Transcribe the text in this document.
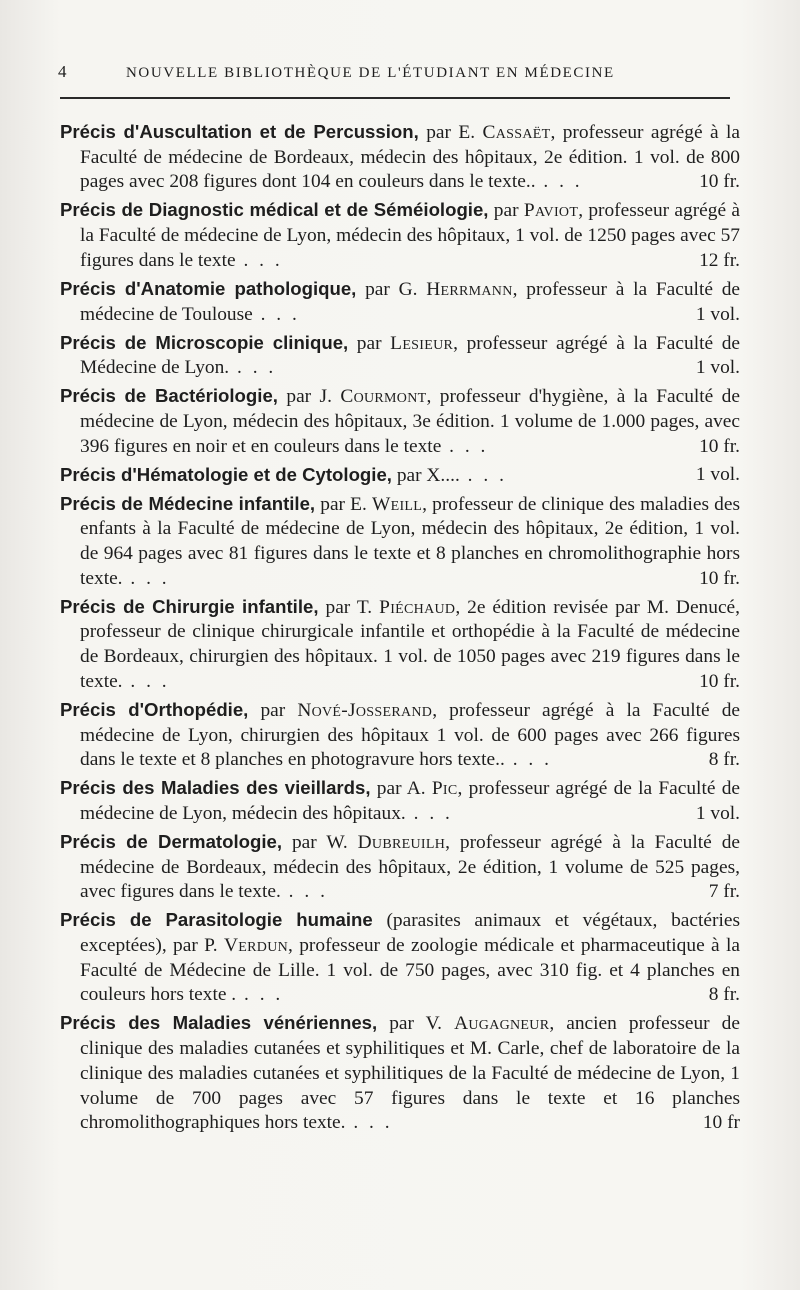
4	NOUVELLE BIBLIOTHÈQUE DE L'ÉTUDIANT EN MÉDECINE
Précis d'Auscultation et de Percussion, par E. Cassaët, professeur agrégé à la Faculté de médecine de Bordeaux, médecin des hôpitaux, 2e édition. 1 vol. de 800 pages avec 208 figures dont 104 en couleurs dans le texte.. . . .	10 fr.
Précis de Diagnostic médical et de Séméiologie, par Paviot, professeur agrégé à la Faculté de médecine de Lyon, médecin des hôpitaux, 1 vol. de 1250 pages avec 57 figures dans le texte . . .	12 fr.
Précis d'Anatomie pathologique, par G. Herrmann, professeur à la Faculté de médecine de Toulouse . . .	1 vol.
Précis de Microscopie clinique, par Lesieur, professeur agrégé à la Faculté de Médecine de Lyon. . . .	1 vol.
Précis de Bactériologie, par J. Courmont, professeur d'hygiène, à la Faculté de médecine de Lyon, médecin des hôpitaux, 3e édition. 1 volume de 1.000 pages, avec 396 figures en noir et en couleurs dans le texte . . .	10 fr.
Précis d'Hématologie et de Cytologie, par X.... . . .	1 vol.
Précis de Médecine infantile, par E. Weill, professeur de clinique des maladies des enfants à la Faculté de médecine de Lyon, médecin des hôpitaux, 2e édition, 1 vol. de 964 pages avec 81 figures dans le texte et 8 planches en chromolithographie hors texte. . . .	10 fr.
Précis de Chirurgie infantile, par T. Piéchaud, 2e édition revisée par M. Denucé, professeur de clinique chirurgicale infantile et orthopédie à la Faculté de médecine de Bordeaux, chirurgien des hôpitaux. 1 vol. de 1050 pages avec 219 figures dans le texte. . . .	10 fr.
Précis d'Orthopédie, par Nové-Josserand, professeur agrégé à la Faculté de médecine de Lyon, chirurgien des hôpitaux 1 vol. de 600 pages avec 266 figures dans le texte et 8 planches en photogravure hors texte.. . . .	8 fr.
Précis des Maladies des vieillards, par A. Pic, professeur agrégé de la Faculté de médecine de Lyon, médecin des hôpitaux. . . .	1 vol.
Précis de Dermatologie, par W. Dubreuilh, professeur agrégé à la Faculté de médecine de Bordeaux, médecin des hôpitaux, 2e édition, 1 volume de 525 pages, avec figures dans le texte. . . .	7 fr.
Précis de Parasitologie humaine (parasites animaux et végétaux, bactéries exceptées), par P. Verdun, professeur de zoologie médicale et pharmaceutique à la Faculté de Médecine de Lille. 1 vol. de 750 pages, avec 310 fig. et 4 planches en couleurs hors texte . . . .	8 fr.
Précis des Maladies vénériennes, par V. Augagneur, ancien professeur de clinique des maladies cutanées et syphilitiques et M. Carle, chef de laboratoire de la clinique des maladies cutanées et syphilitiques de la Faculté de médecine de Lyon, 1 volume de 700 pages avec 57 figures dans le texte et 16 planches chromolithographiques hors texte. . . .	10 fr
